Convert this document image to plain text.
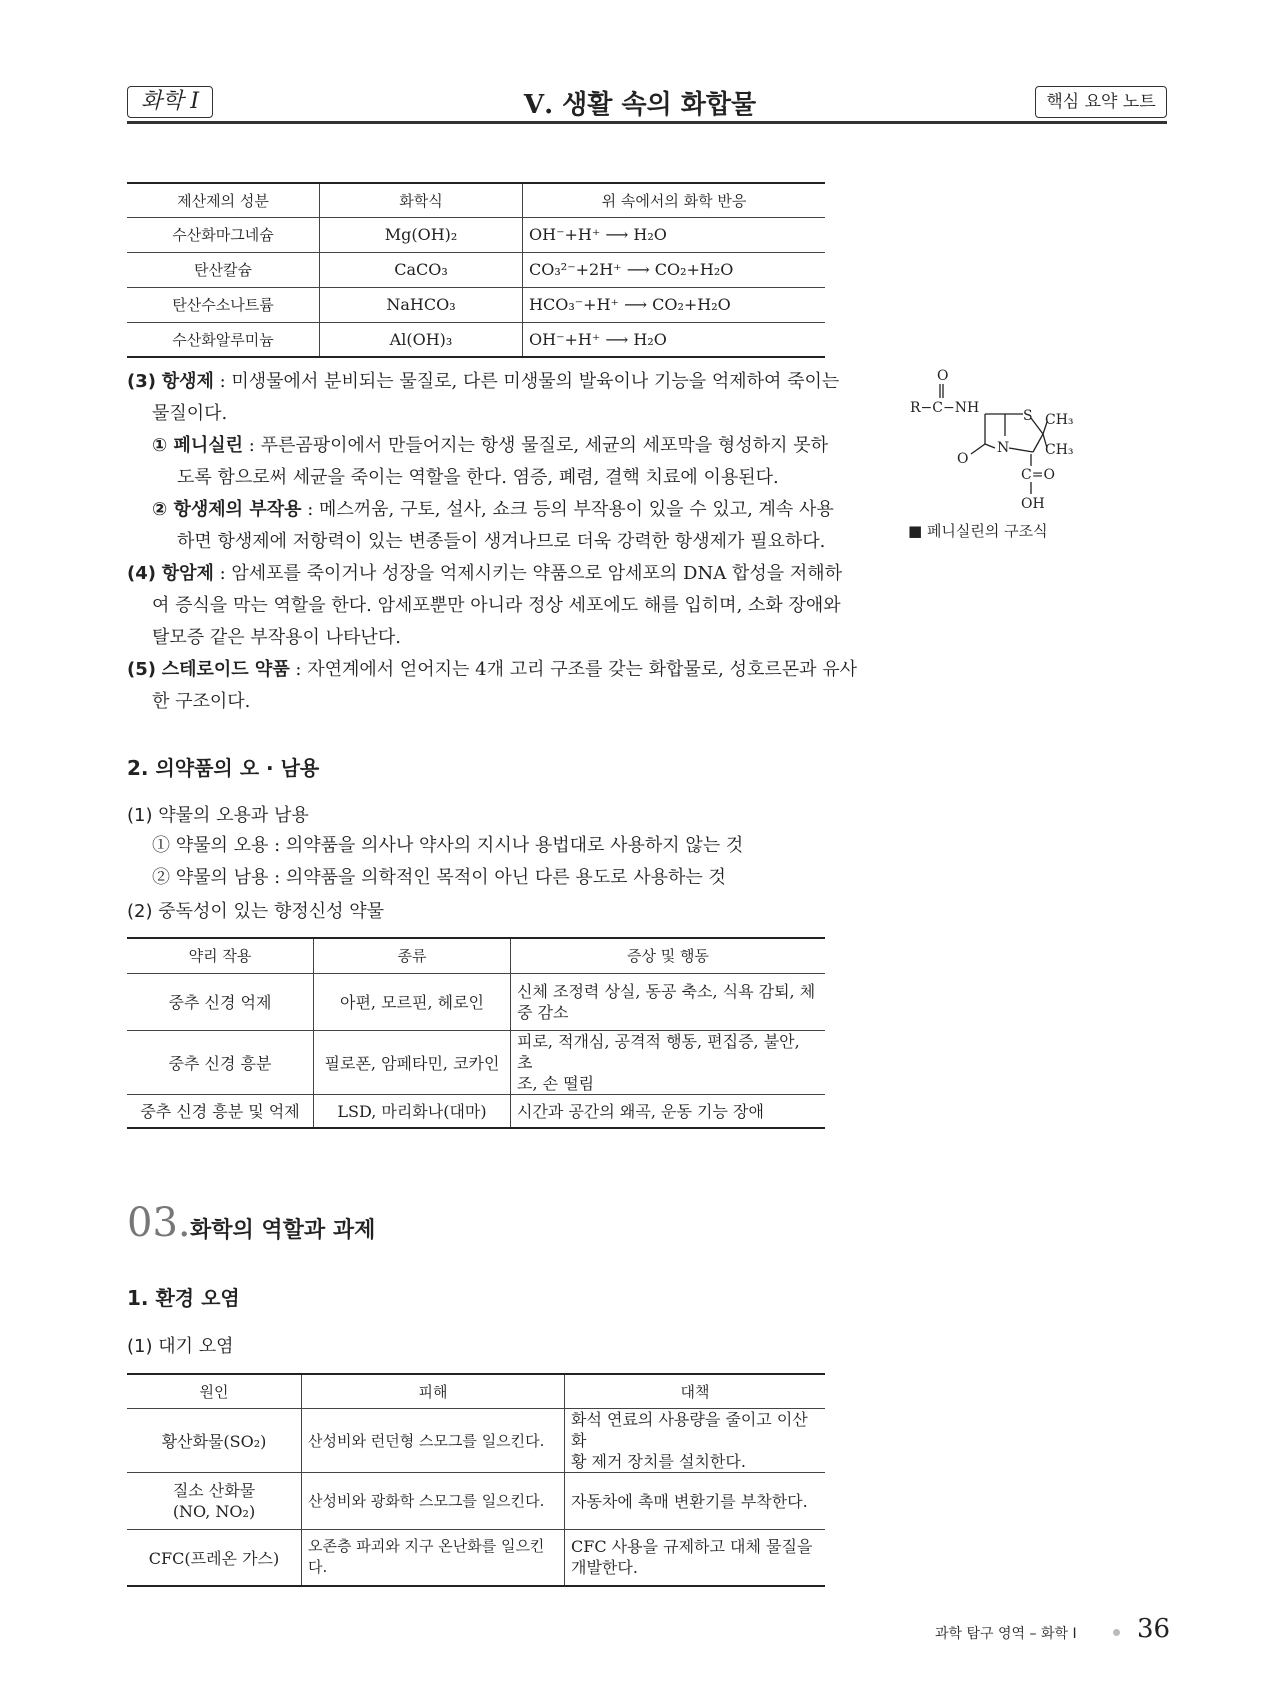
화학 Ⅰ	Ⅴ. 생활 속의 화합물	핵심 요약 노트
제산제의 성분	화학식	위 속에서의 화학 반응
수산화마그네슘	Mg(OH)₂	OH⁻+H⁺ ⟶ H₂O
탄산칼슘	CaCO₃	CO₃²⁻+2H⁺ ⟶ CO₂+H₂O
탄산수소나트륨	NaHCO₃	HCO₃⁻+H⁺ ⟶ CO₂+H₂O
수산화알루미늄	Al(OH)₃	OH⁻+H⁺ ⟶ H₂O
(3) 항생제 : 미생물에서 분비되는 물질로, 다른 미생물의 발육이나 기능을 억제하여 죽이는
물질이다.
① 페니실린 : 푸른곰팡이에서 만들어지는 항생 물질로, 세균의 세포막을 형성하지 못하
도록 함으로써 세균을 죽이는 역할을 한다. 염증, 폐렴, 결핵 치료에 이용된다.
② 항생제의 부작용 : 메스꺼움, 구토, 설사, 쇼크 등의 부작용이 있을 수 있고, 계속 사용
하면 항생제에 저항력이 있는 변종들이 생겨나므로 더욱 강력한 항생제가 필요하다.
(4) 항암제 : 암세포를 죽이거나 성장을 억제시키는 약품으로 암세포의 DNA 합성을 저해하
여 증식을 막는 역할을 한다. 암세포뿐만 아니라 정상 세포에도 해를 입히며, 소화 장애와
탈모증 같은 부작용이 나타난다.
(5) 스테로이드 약품 : 자연계에서 얻어지는 4개 고리 구조를 갖는 화합물로, 성호르몬과 유사
한 구조이다.
O
R−C−NH	S CH₃
CH₃
N
O
C=O
OH
■ 페니실린의 구조식
2. 의약품의 오 · 남용
(1) 약물의 오용과 남용
① 약물의 오용 : 의약품을 의사나 약사의 지시나 용법대로 사용하지 않는 것
② 약물의 남용 : 의약품을 의학적인 목적이 아닌 다른 용도로 사용하는 것
(2) 중독성이 있는 향정신성 약물
약리 작용	종류	증상 및 행동
중추 신경 억제	아편, 모르핀, 헤로인	신체 조정력 상실, 동공 축소, 식욕 감퇴, 체
중 감소
중추 신경 흥분	필로폰, 암페타민, 코카인	피로, 적개심, 공격적 행동, 편집증, 불안, 초
조, 손 떨림
중추 신경 흥분 및 억제	LSD, 마리화나(대마)	시간과 공간의 왜곡, 운동 기능 장애
03. 화학의 역할과 과제
1. 환경 오염
(1) 대기 오염
원인	피해	대책
황산화물(SO₂)	산성비와 런던형 스모그를 일으킨다.	화석 연료의 사용량을 줄이고 이산화
황 제거 장치를 설치한다.
질소 산화물
(NO, NO₂)	산성비와 광화학 스모그를 일으킨다.	자동차에 촉매 변환기를 부착한다.
CFC(프레온 가스)	오존층 파괴와 지구 온난화를 일으킨
다.	CFC 사용을 규제하고 대체 물질을
개발한다.
과학 탐구 영역 – 화학 Ⅰ 36
